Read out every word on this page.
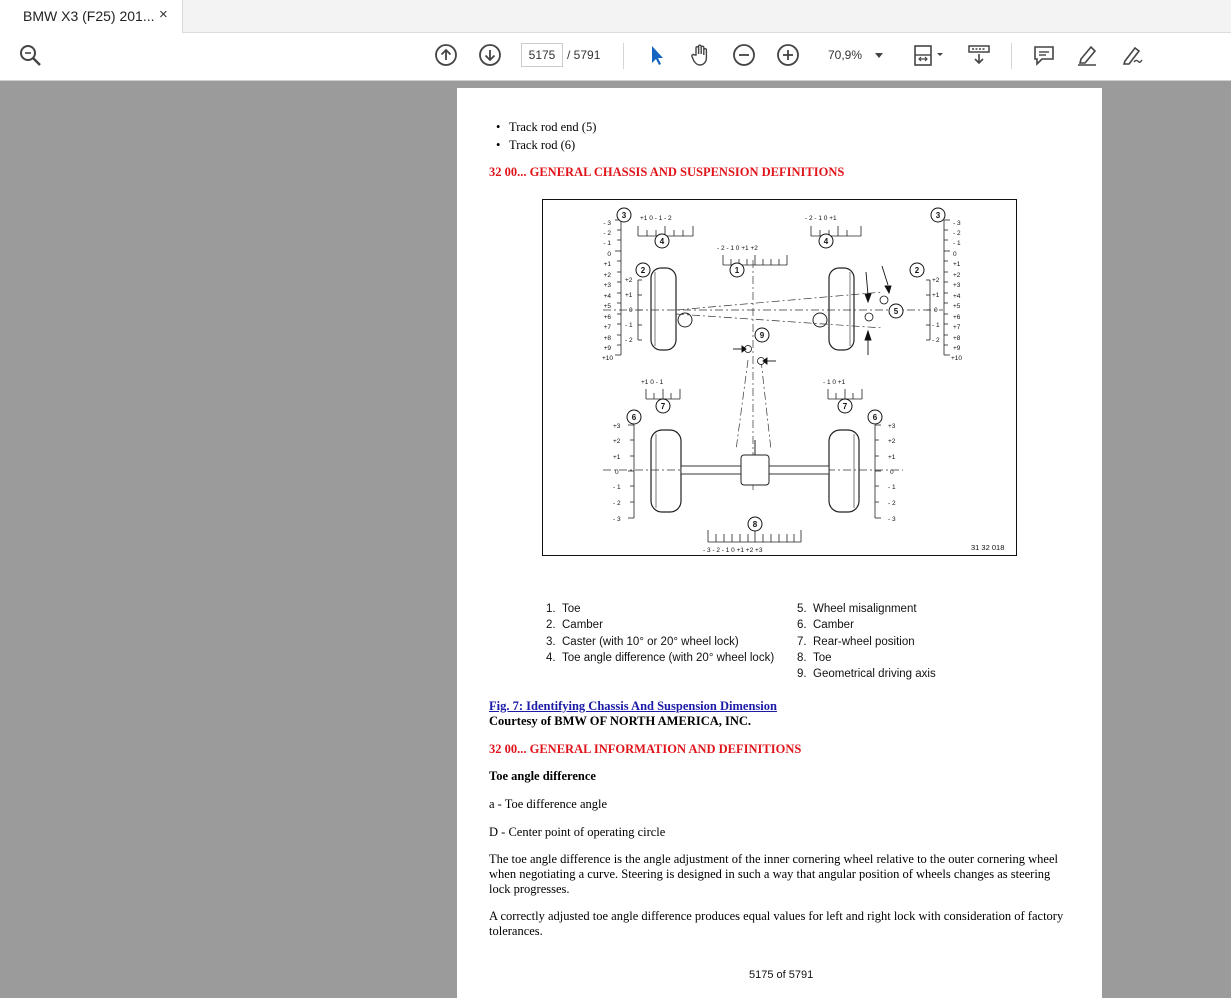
BMW X3 (F25) 201... ×
5175 / 5791	70,9%
• Track rod end (5)
• Track rod (6)
32 00... GENERAL CHASSIS AND SUSPENSION DEFINITIONS
- 3
- 2
- 1
0
+1
+2
+3
+4
+5
+6
+7
+8
+9
+10
- 3
- 2
- 1
0
+1
+2
+3
+4
+5
+6
+7
+8
+9
+10
+2
+1
0
- 1
- 2
+2
+1
0
- 1
- 2
+1 0 - 1 - 2	- 2 - 1 0 +1
- 2 - 1 0 +1 +2
+1 0 - 1	- 1 0 +1
+3
+2
+1
0
- 1
- 2
- 3
+3
+2
+1
0
- 1
- 2
- 3
- 3 - 2 - 1 0 +1 +2 +3	31 32 018
3	3
4	4
1
2	2
5
9
7	7
6	6
8
1. Toe
2. Camber
3. Caster (with 10° or 20° wheel lock)
4. Toe angle difference (with 20° wheel lock)
5. Wheel misalignment
6. Camber
7. Rear-wheel position
8. Toe
9. Geometrical driving axis
Fig. 7: Identifying Chassis And Suspension Dimension
Courtesy of BMW OF NORTH AMERICA, INC.
32 00... GENERAL INFORMATION AND DEFINITIONS
Toe angle difference
a - Toe difference angle
D - Center point of operating circle
The toe angle difference is the angle adjustment of the inner cornering wheel relative to the outer cornering wheel when negotiating a curve. Steering is designed in such a way that angular position of wheels changes as steering lock progresses.
A correctly adjusted toe angle difference produces equal values for left and right lock with consideration of factory tolerances.
5175 of 5791
